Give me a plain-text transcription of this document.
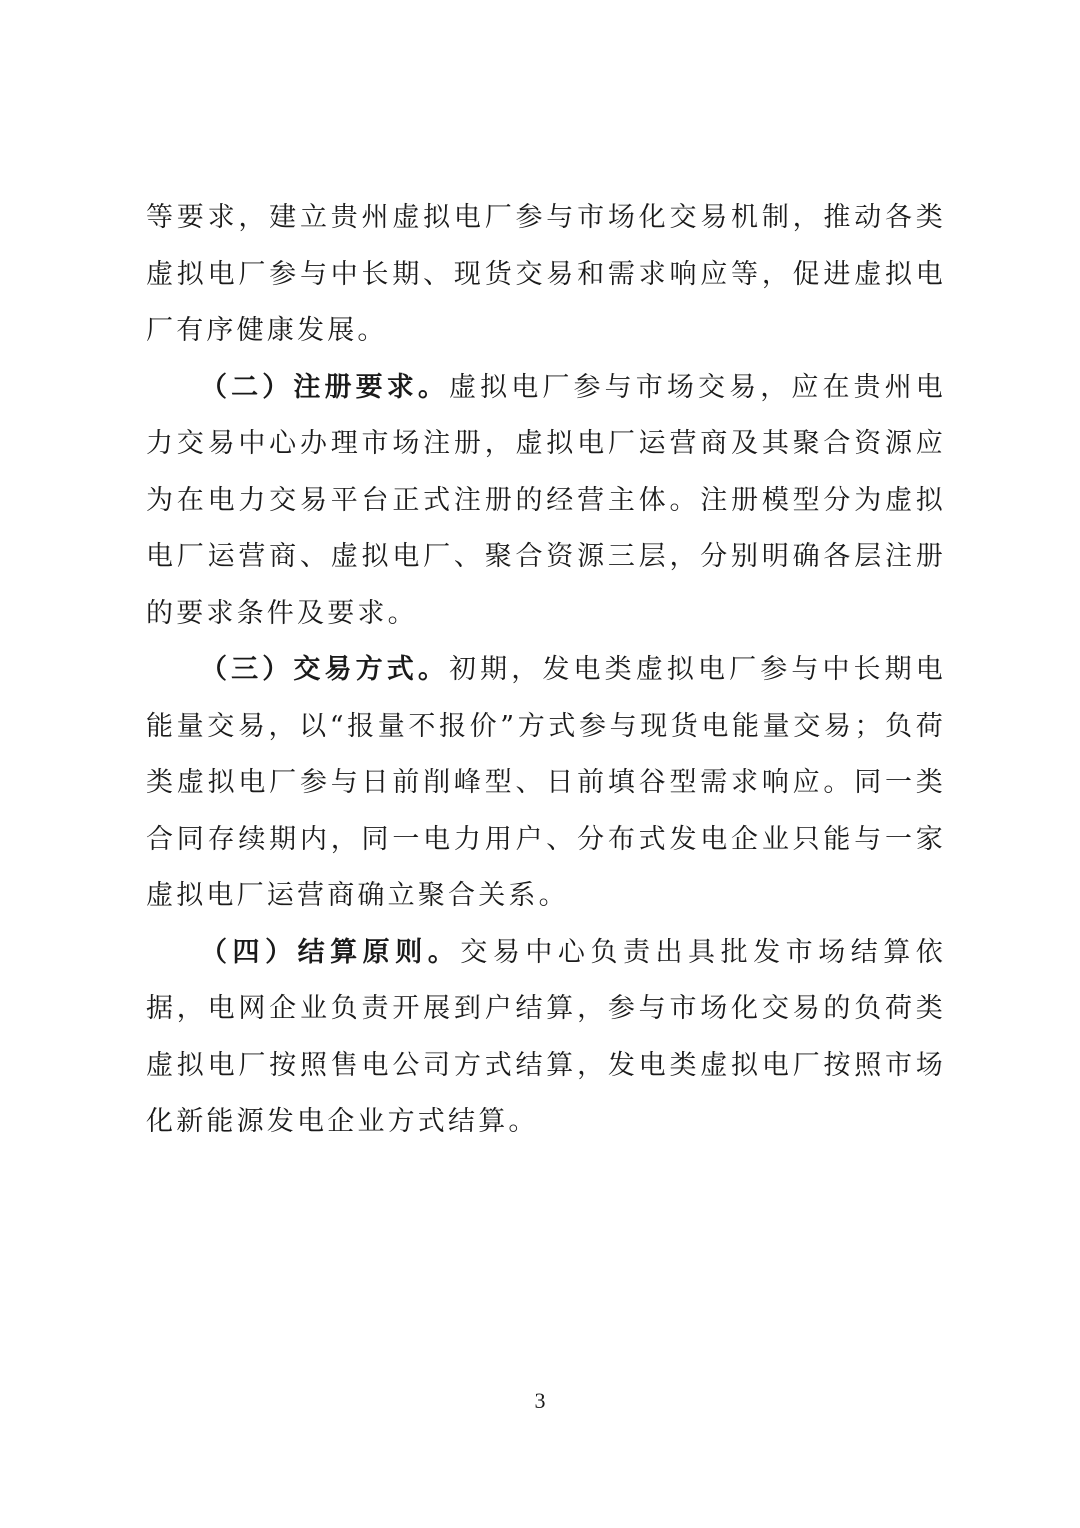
等要求，建立贵州虚拟电厂参与市场化交易机制，推动各类虚拟电厂参与中长期、现货交易和需求响应等，促进虚拟电厂有序健康发展。

（二）注册要求。虚拟电厂参与市场交易，应在贵州电力交易中心办理市场注册，虚拟电厂运营商及其聚合资源应为在电力交易平台正式注册的经营主体。注册模型分为虚拟电厂运营商、虚拟电厂、聚合资源三层，分别明确各层注册的要求条件及要求。

（三）交易方式。初期，发电类虚拟电厂参与中长期电能量交易，以“报量不报价”方式参与现货电能量交易；负荷类虚拟电厂参与日前削峰型、日前填谷型需求响应。同一类合同存续期内，同一电力用户、分布式发电企业只能与一家虚拟电厂运营商确立聚合关系。

（四）结算原则。交易中心负责出具批发市场结算依据，电网企业负责开展到户结算，参与市场化交易的负荷类虚拟电厂按照售电公司方式结算，发电类虚拟电厂按照市场化新能源发电企业方式结算。

3
